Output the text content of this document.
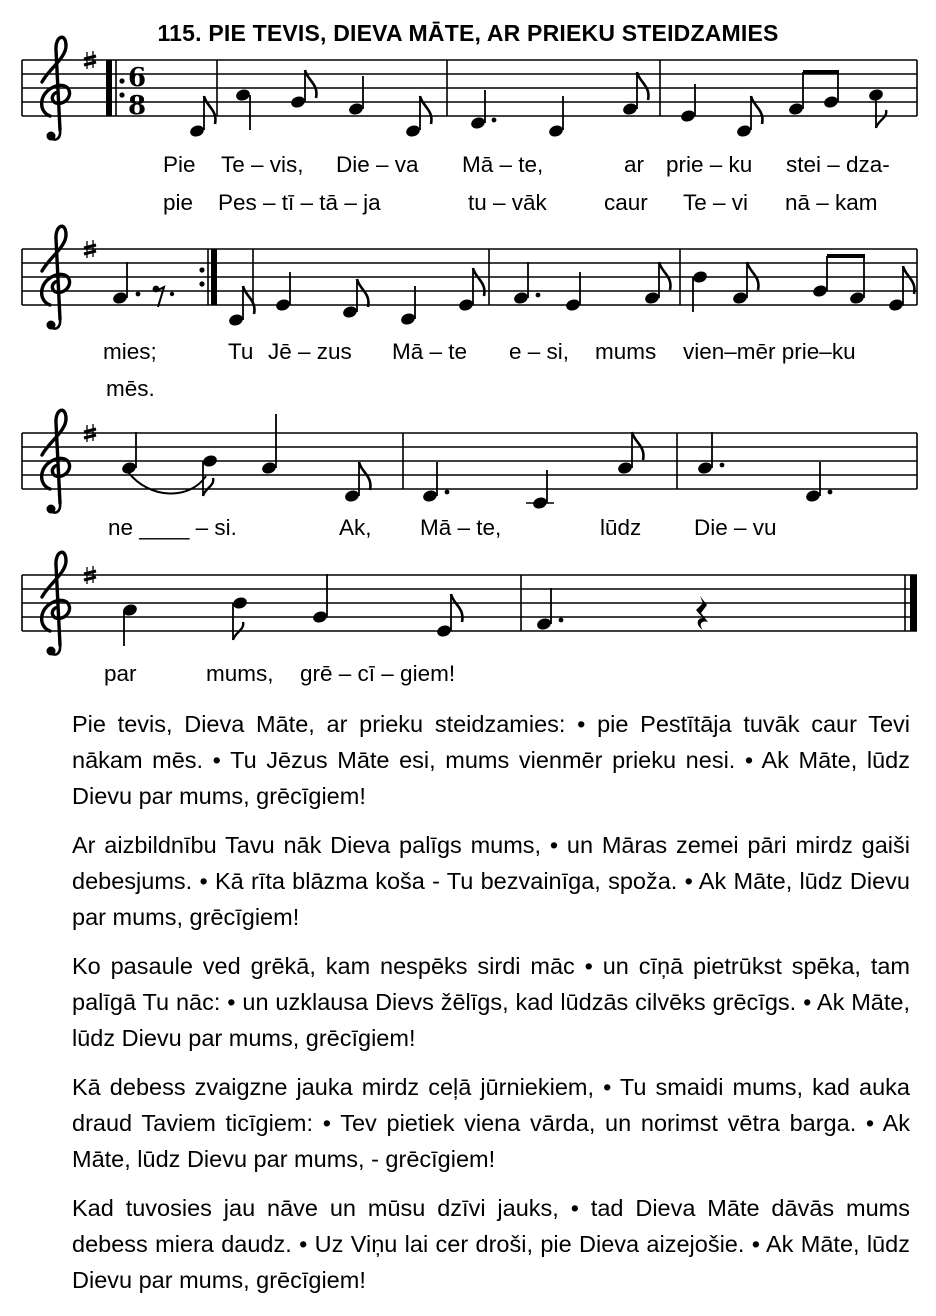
115. PIE TEVIS, DIEVA MĀTE, AR PRIEKU STEIDZAMIES
6
8
Pie Te – vis, Die – va Mā – te,	ar prie – ku stei – dza-
pie Pes – tī – tā – ja	tu – vāk	caur Te – vi nā – kam
mies;	Tu Jē – zus Mā – te e – si, mums vien–mēr prie–ku
mēs.
ne ____ – si.	Ak, Mā – te,	lūdz Die – vu
par	mums, grē – cī – giem!

Pie tevis, Dieva Māte, ar prieku steidzamies: • pie Pestītāja tuvāk caur Tevi nākam mēs. • Tu Jēzus Māte esi, mums vienmēr prieku nesi. • Ak Māte, lūdz Dievu par mums, grēcīgiem!

Ar aizbildnību Tavu nāk Dieva palīgs mums, • un Māras zemei pāri mirdz gaiši debesjums. • Kā rīta blāzma koša - Tu bezvainīga, spoža. • Ak Māte, lūdz Dievu par mums, grēcīgiem!

Ko pasaule ved grēkā, kam nespēks sirdi māc • un cīņā pietrūkst spēka, tam palīgā Tu nāc: • un uzklausa Dievs žēlīgs, kad lūdzās cilvēks grēcīgs. • Ak Māte, lūdz Dievu par mums, grēcīgiem!

Kā debess zvaigzne jauka mirdz ceļā jūrniekiem, • Tu smaidi mums, kad auka draud Taviem ticīgiem: • Tev pietiek viena vārda, un norimst vētra barga. • Ak Māte, lūdz Dievu par mums, - grēcīgiem!

Kad tuvosies jau nāve un mūsu dzīvi jauks, • tad Dieva Māte dāvās mums debess miera daudz. • Uz Viņu lai cer droši, pie Dieva aizejošie. • Ak Māte, lūdz Dievu par mums, grēcīgiem!
